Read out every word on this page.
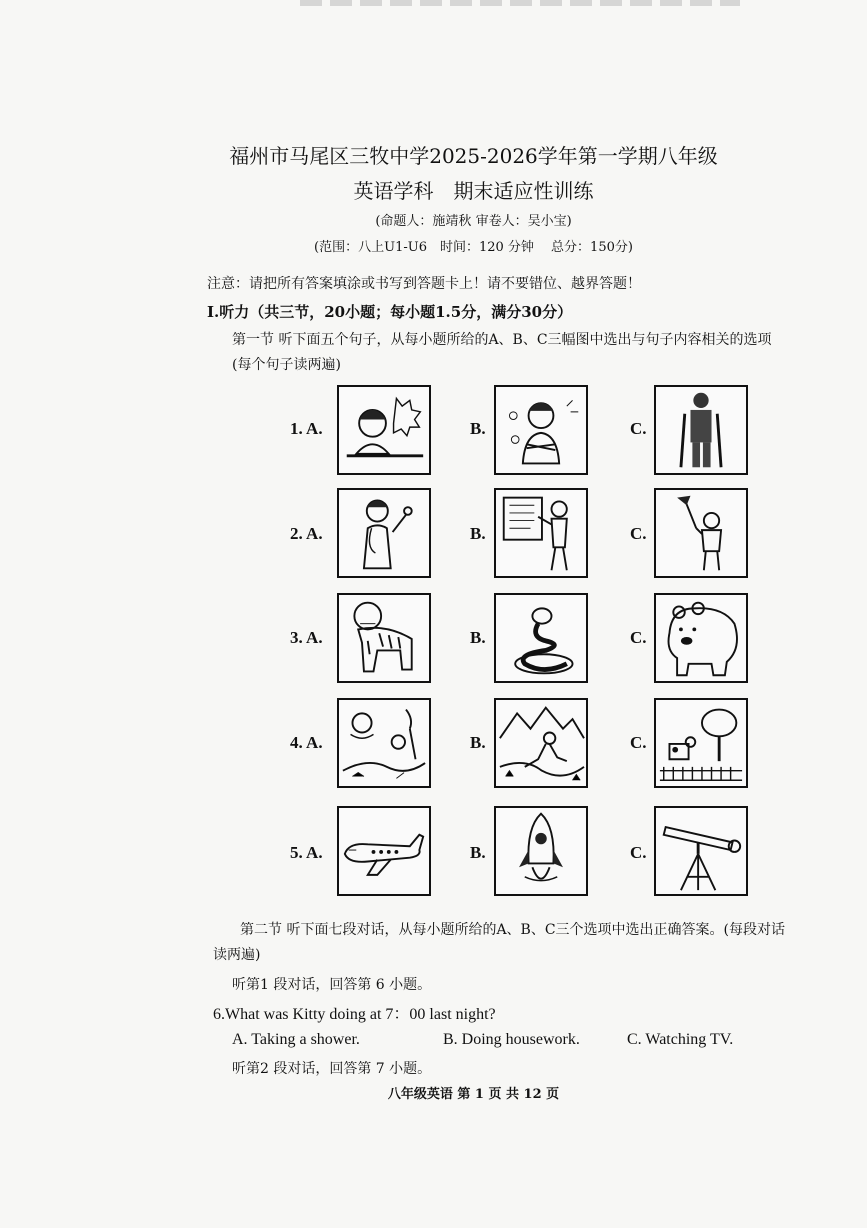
福州市马尾区三牧中学2025-2026学年第一学期八年级
英语学科　期末适应性训练
(命题人：施靖秋 审卷人：吴小宝)
(范围：八上U1-U6　时间：120 分钟　 总分：150分)
注意：请把所有答案填涂或书写到答题卡上！请不要错位、越界答题！
I.听力（共三节，20小题；每小题1.5分，满分30分）
第一节 听下面五个句子，从每小题所给的A、B、C三幅图中选出与句子内容相关的选项
(每个句子读两遍)
1. A.	B.	C.
2. A.	B.	C.
3. A.	B.	C.
4. A.	B.	C.
5. A.	B.	C.
第二节 听下面七段对话，从每小题所给的A、B、C三个选项中选出正确答案。(每段对话
读两遍)
听第1 段对话，回答第 6 小题。
6.What was Kitty doing at 7：00 last night?
A. Taking a shower.	B. Doing housework.	C. Watching TV.
听第2 段对话，回答第 7 小题。
八年级英语 第 1 页 共 12 页
